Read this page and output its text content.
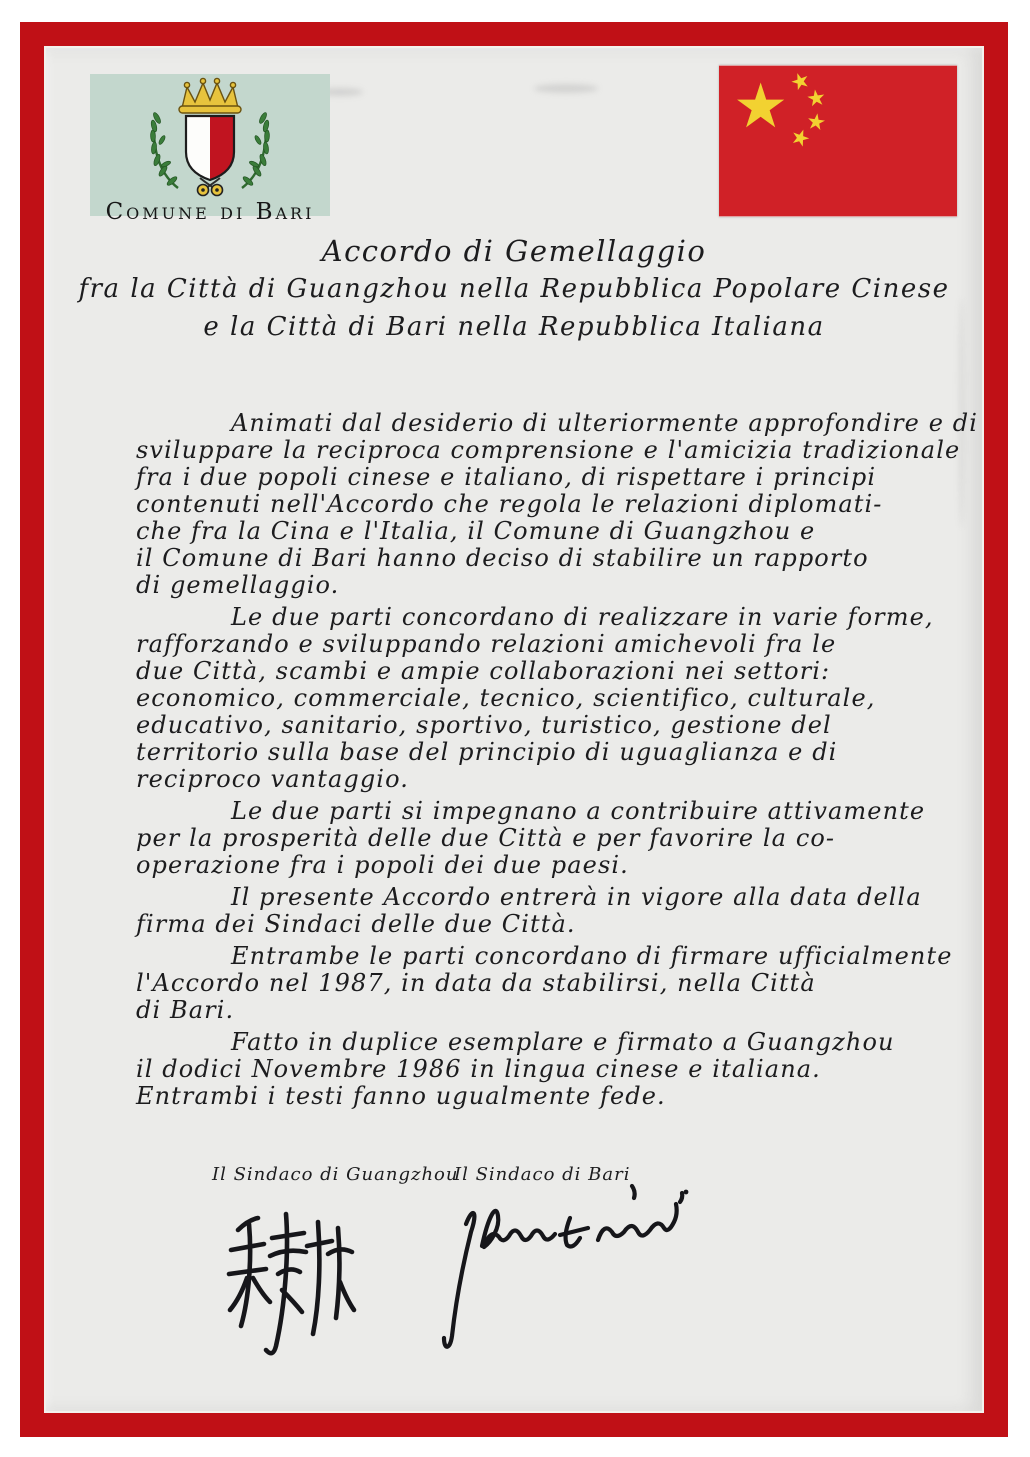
Comune di Bari
Accordo di Gemellaggio
fra la Città di Guangzhou nella Repubblica Popolare Cinese
e la Città di Bari nella Repubblica Italiana
Animati dal desiderio di ulteriormente approfondire e di
sviluppare la reciproca comprensione e l'amicizia tradizionale
fra i due popoli cinese e italiano, di rispettare i principi
contenuti nell'Accordo che regola le relazioni diplomati-
che fra la Cina e l'Italia, il Comune di Guangzhou e
il Comune di Bari hanno deciso di stabilire un rapporto
di gemellaggio.
Le due parti concordano di realizzare in varie forme,
rafforzando e sviluppando relazioni amichevoli fra le
due Città, scambi e ampie collaborazioni nei settori:
economico, commerciale, tecnico, scientifico, culturale,
educativo, sanitario, sportivo, turistico, gestione del
territorio sulla base del principio di uguaglianza e di
reciproco vantaggio.
Le due parti si impegnano a contribuire attivamente
per la prosperità delle due Città e per favorire la co-
operazione fra i popoli dei due paesi.
Il presente Accordo entrerà in vigore alla data della
firma dei Sindaci delle due Città.
Entrambe le parti concordano di firmare ufficialmente
l'Accordo nel 1987, in data da stabilirsi, nella Città
di Bari.
Fatto in duplice esemplare e firmato a Guangzhou
il dodici Novembre 1986 in lingua cinese e italiana.
Entrambi i testi fanno ugualmente fede.
Il Sindaco di Guangzhou
Il Sindaco di Bari
